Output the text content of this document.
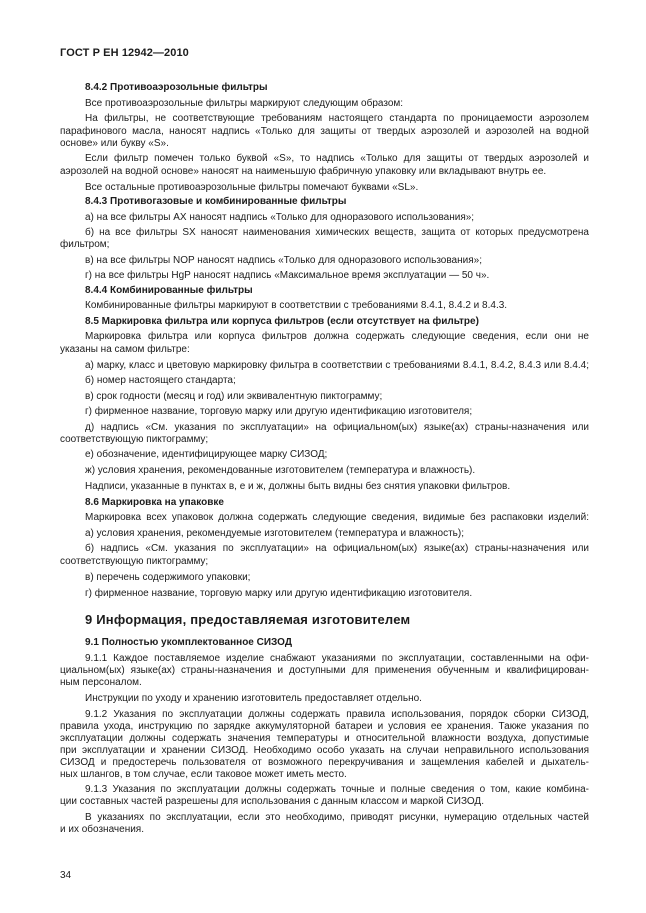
ГОСТ Р ЕН 12942—2010
8.4.2 Противоаэрозольные фильтры
Все противоаэрозольные фильтры маркируют следующим образом:
На фильтры, не соответствующие требованиям настоящего стандарта по проницаемости аэрозолем
парафинового масла, наносят надпись «Только для защиты от твердых аэрозолей и аэрозолей на водной
основе» или букву «S».
Если фильтр помечен только буквой «S», то надпись «Только для защиты от твердых аэрозолей и
аэрозолей на водной основе» наносят на наименьшую фабричную упаковку или вкладывают внутрь ее.
Все остальные противоаэрозольные фильтры помечают буквами «SL».
8.4.3 Противогазовые и комбинированные фильтры
а) на все фильтры АХ наносят надпись «Только для одноразового использования»;
б) на все фильтры SX наносят наименования химических веществ, защита от которых предусмотрена
фильтром;
в) на все фильтры NOP наносят надпись «Только для одноразового использования»;
г) на все фильтры HgP наносят надпись «Максимальное время эксплуатации — 50 ч».
8.4.4 Комбинированные фильтры
Комбинированные фильтры маркируют в соответствии с требованиями 8.4.1, 8.4.2 и 8.4.3.
8.5 Маркировка фильтра или корпуса фильтров (если отсутствует на фильтре)
Маркировка фильтра или корпуса фильтров должна содержать следующие сведения, если они не
указаны на самом фильтре:
а) марку, класс и цветовую маркировку фильтра в соответствии с требованиями 8.4.1, 8.4.2, 8.4.3 или 8.4.4;
б) номер настоящего стандарта;
в) срок годности (месяц и год) или эквивалентную пиктограмму;
г) фирменное название, торговую марку или другую идентификацию изготовителя;
д) надпись «См. указания по эксплуатации» на официальном(ых) языке(ах) страны-назначения или
соответствующую пиктограмму;
е) обозначение, идентифицирующее марку СИЗОД;
ж) условия хранения, рекомендованные изготовителем (температура и влажность).
Надписи, указанные в пунктах в, е и ж, должны быть видны без снятия упаковки фильтров.
8.6 Маркировка на упаковке
Маркировка всех упаковок должна содержать следующие сведения, видимые без распаковки изделий:
а) условия хранения, рекомендуемые изготовителем (температура и влажность);
б) надпись «См. указания по эксплуатации» на официальном(ых) языке(ах) страны-назначения или
соответствующую пиктограмму;
в) перечень содержимого упаковки;
г) фирменное название, торговую марку или другую идентификацию изготовителя.
9 Информация, предоставляемая изготовителем
9.1 Полностью укомплектованное СИЗОД
9.1.1 Каждое поставляемое изделие снабжают указаниями по эксплуатации, составленными на офи-
циальном(ых) языке(ах) страны-назначения и доступными для применения обученным и квалифицирован-
ным персоналом.
Инструкции по уходу и хранению изготовитель предоставляет отдельно.
9.1.2 Указания по эксплуатации должны содержать правила использования, порядок сборки СИЗОД,
правила ухода, инструкцию по зарядке аккумуляторной батареи и условия ее хранения. Также указания по
эксплуатации должны содержать значения температуры и относительной влажности воздуха, допустимые
при эксплуатации и хранении СИЗОД. Необходимо особо указать на случаи неправильного использования
СИЗОД и предостеречь пользователя от возможного перекручивания и защемления кабелей и дыхатель-
ных шлангов, в том случае, если таковое может иметь место.
9.1.3 Указания по эксплуатации должны содержать точные и полные сведения о том, какие комбина-
ции составных частей разрешены для использования с данным классом и маркой СИЗОД.
В указаниях по эксплуатации, если это необходимо, приводят рисунки, нумерацию отдельных частей
и их обозначения.
34
